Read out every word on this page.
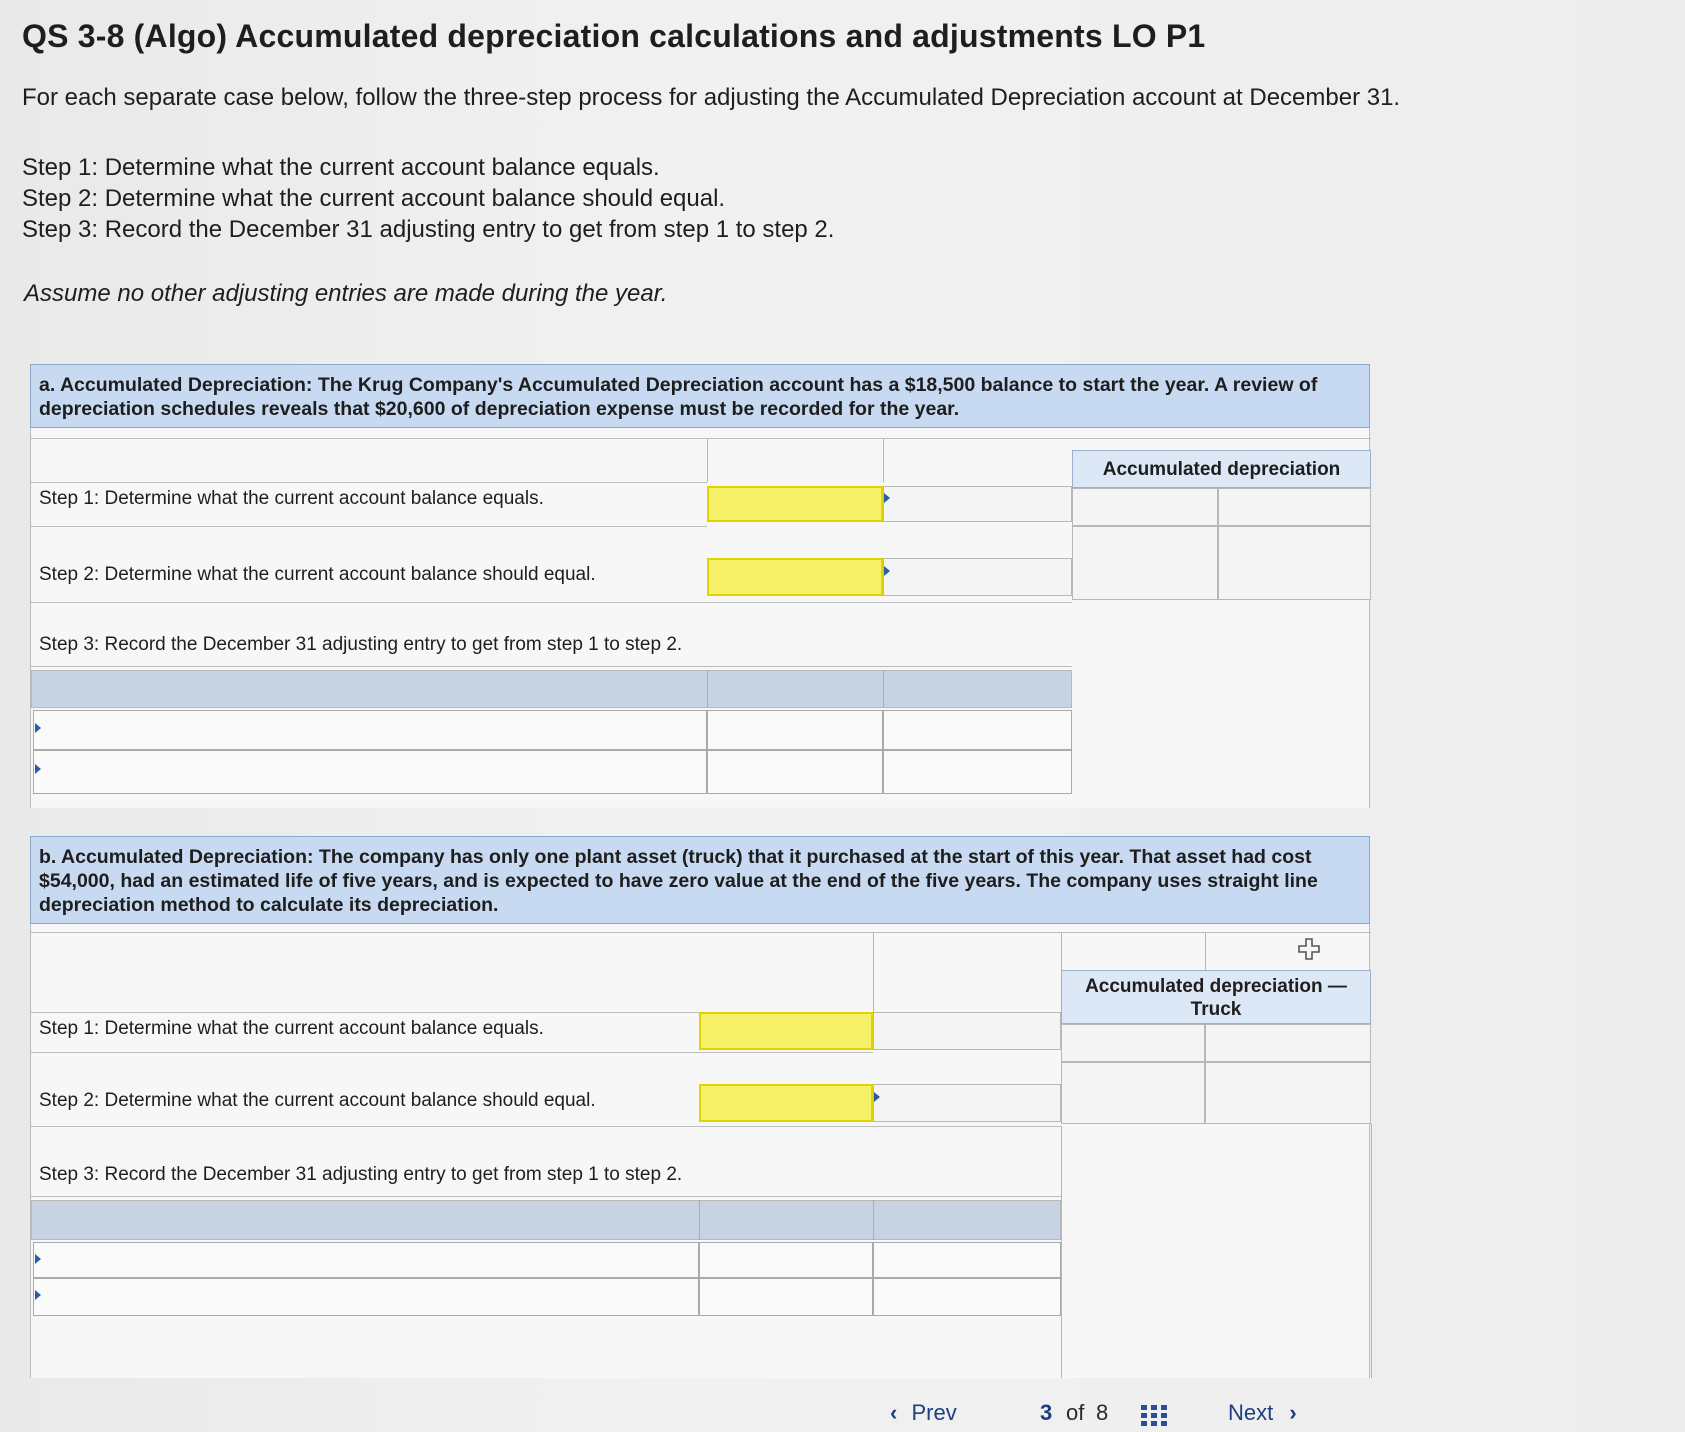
QS 3-8 (Algo) Accumulated depreciation calculations and adjustments LO P1
For each separate case below, follow the three-step process for adjusting the Accumulated Depreciation account at December 31.
Step 1: Determine what the current account balance equals.
Step 2: Determine what the current account balance should equal.
Step 3: Record the December 31 adjusting entry to get from step 1 to step 2.
Assume no other adjusting entries are made during the year.
a. Accumulated Depreciation: The Krug Company's Accumulated Depreciation account has a $18,500 balance to start the year. A review of depreciation schedules reveals that $20,600 of depreciation expense must be recorded for the year.
Accumulated depreciation
Step 1: Determine what the current account balance equals.
Step 2: Determine what the current account balance should equal.
Step 3: Record the December 31 adjusting entry to get from step 1 to step 2.
b. Accumulated Depreciation: The company has only one plant asset (truck) that it purchased at the start of this year. That asset had cost $54,000, had an estimated life of five years, and is expected to have zero value at the end of the five years. The company uses straight line depreciation method to calculate its depreciation.
Accumulated depreciation —Truck
Step 1: Determine what the current account balance equals.
Step 2: Determine what the current account balance should equal.
Step 3: Record the December 31 adjusting entry to get from step 1 to step 2.
‹ Prev	3 of 8	Next ›
